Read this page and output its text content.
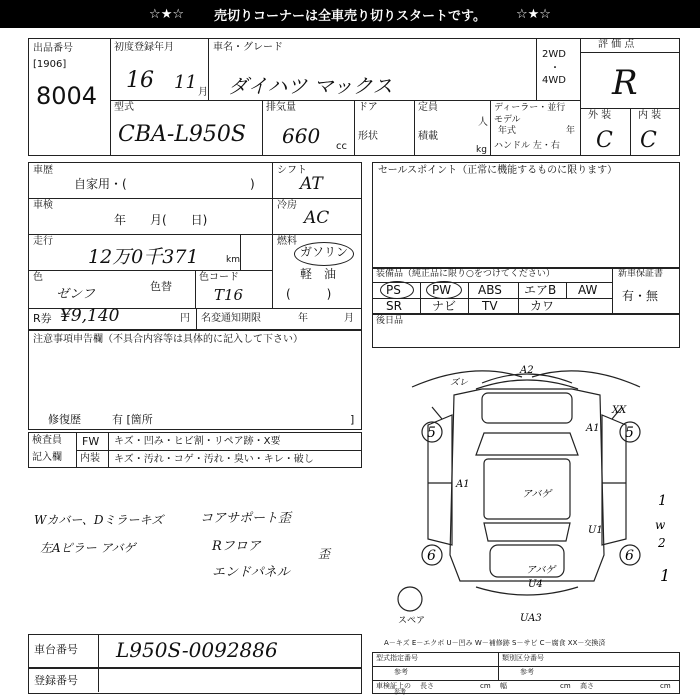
☆★☆ 売切りコーナーは全車売り切りスタートです。 ☆★☆
出品番号
[1906]
8004
初度登録年月
16 11 月
車名・グレード
ダイハツ マックス
2WD
・
4WD
評 価 点
R
外 装	内 装
C C
型式
CBA-L950S
排気量
660 cc
ドア
形状
定員
人
積載
kg
ディーラー・並行
モデル
年式	年
ハンドル 左・右
車歴
自家用・(	)
車検
年　　月(　　日)
走行
12万0千371	km
色
ゼンフ
色替
色コード
T16
R券 ¥9,140	円 名変通知期限	年	月
シフト
AT
冷房
AC
燃料
ガソリン
軽　油
(　　　)
セールスポイント（正常に機能するものに限ります）
装備品（純正品に限り○をつけてください）	新車保証書
有・無
PS	PW ABS エアB AW
SR	ナビ TV	カワ
後日品
注意事項申告欄（不具合内容等は具体的に記入して下さい）
修復歴	有 [箇所	]
検査員
記入欄
FW キズ・凹み・ヒビ割・リペア跡・X要
内装 キズ・汚れ・コゲ・汚れ・臭い・キレ・破し
Wカバー、Dミラーキズ	コアサポート歪
左Aピラー アバゲ	Rフロア	歪
エンドパネル
A2
ズレ
XX
A1
A1
アバゲ
U1
アバゲ
U4
UA3
5	5
6	6
1
w
2
1
スペア
A－キズ E－エクボ U－凹み W－補修跡 S－サビ C－腐食 XX－交換済
車台番号 L950S-0092886
登録番号
型式指定番号
参考
類別区分番号
参考
車検証上の
参考
長さ	cm 幅	cm 高さ	cm
